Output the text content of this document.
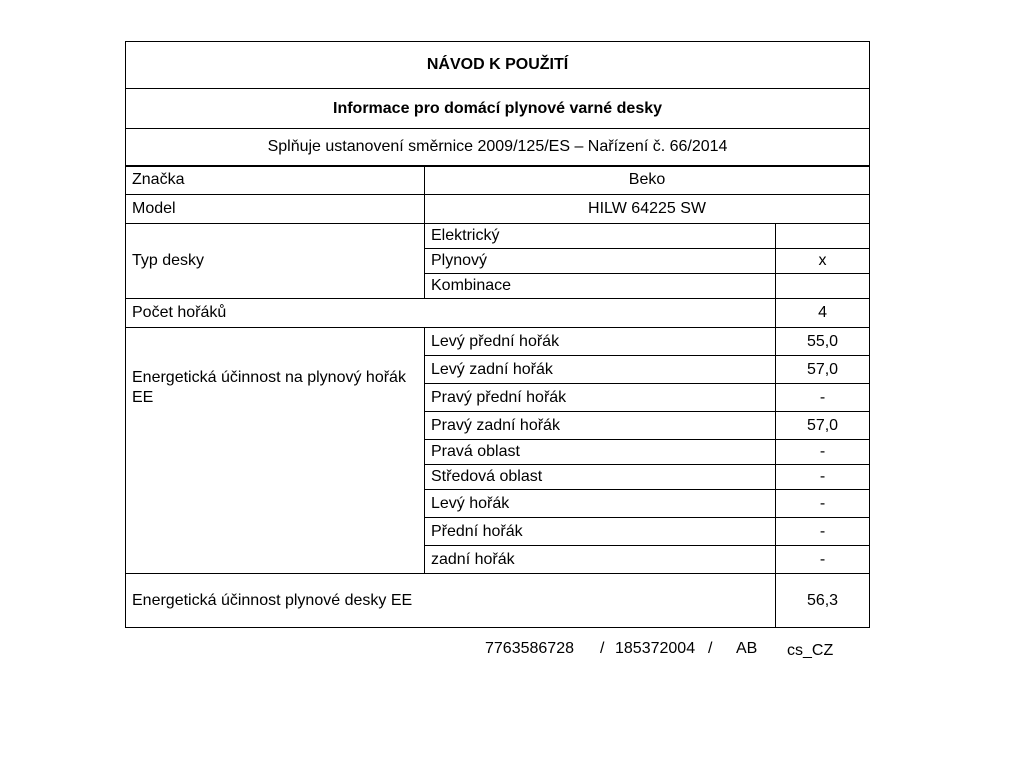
NÁVOD K POUŽITÍ		
Informace pro domácí plynové varné desky		
Splňuje ustanovení směrnice 2009/125/ES – Nařízení č. 66/2014		
Značka	Beko	
Model	HILW 64225 SW	
Typ desky	Elektrický	
	Plynový	x
	Kombinace	
Počet hořáků		4
Energetická účinnost na plynový hořák EE	Levý přední hořák	55,0
	Levý zadní hořák	57,0
	Pravý přední hořák	-
	Pravý zadní hořák	57,0
	Pravá oblast	-
	Středová oblast	-
	Levý hořák	-
	Přední hořák	-
	zadní hořák	-
Energetická účinnost plynové desky EE		56,3
7763586728	/ 185372004 / AB cs_CZ
